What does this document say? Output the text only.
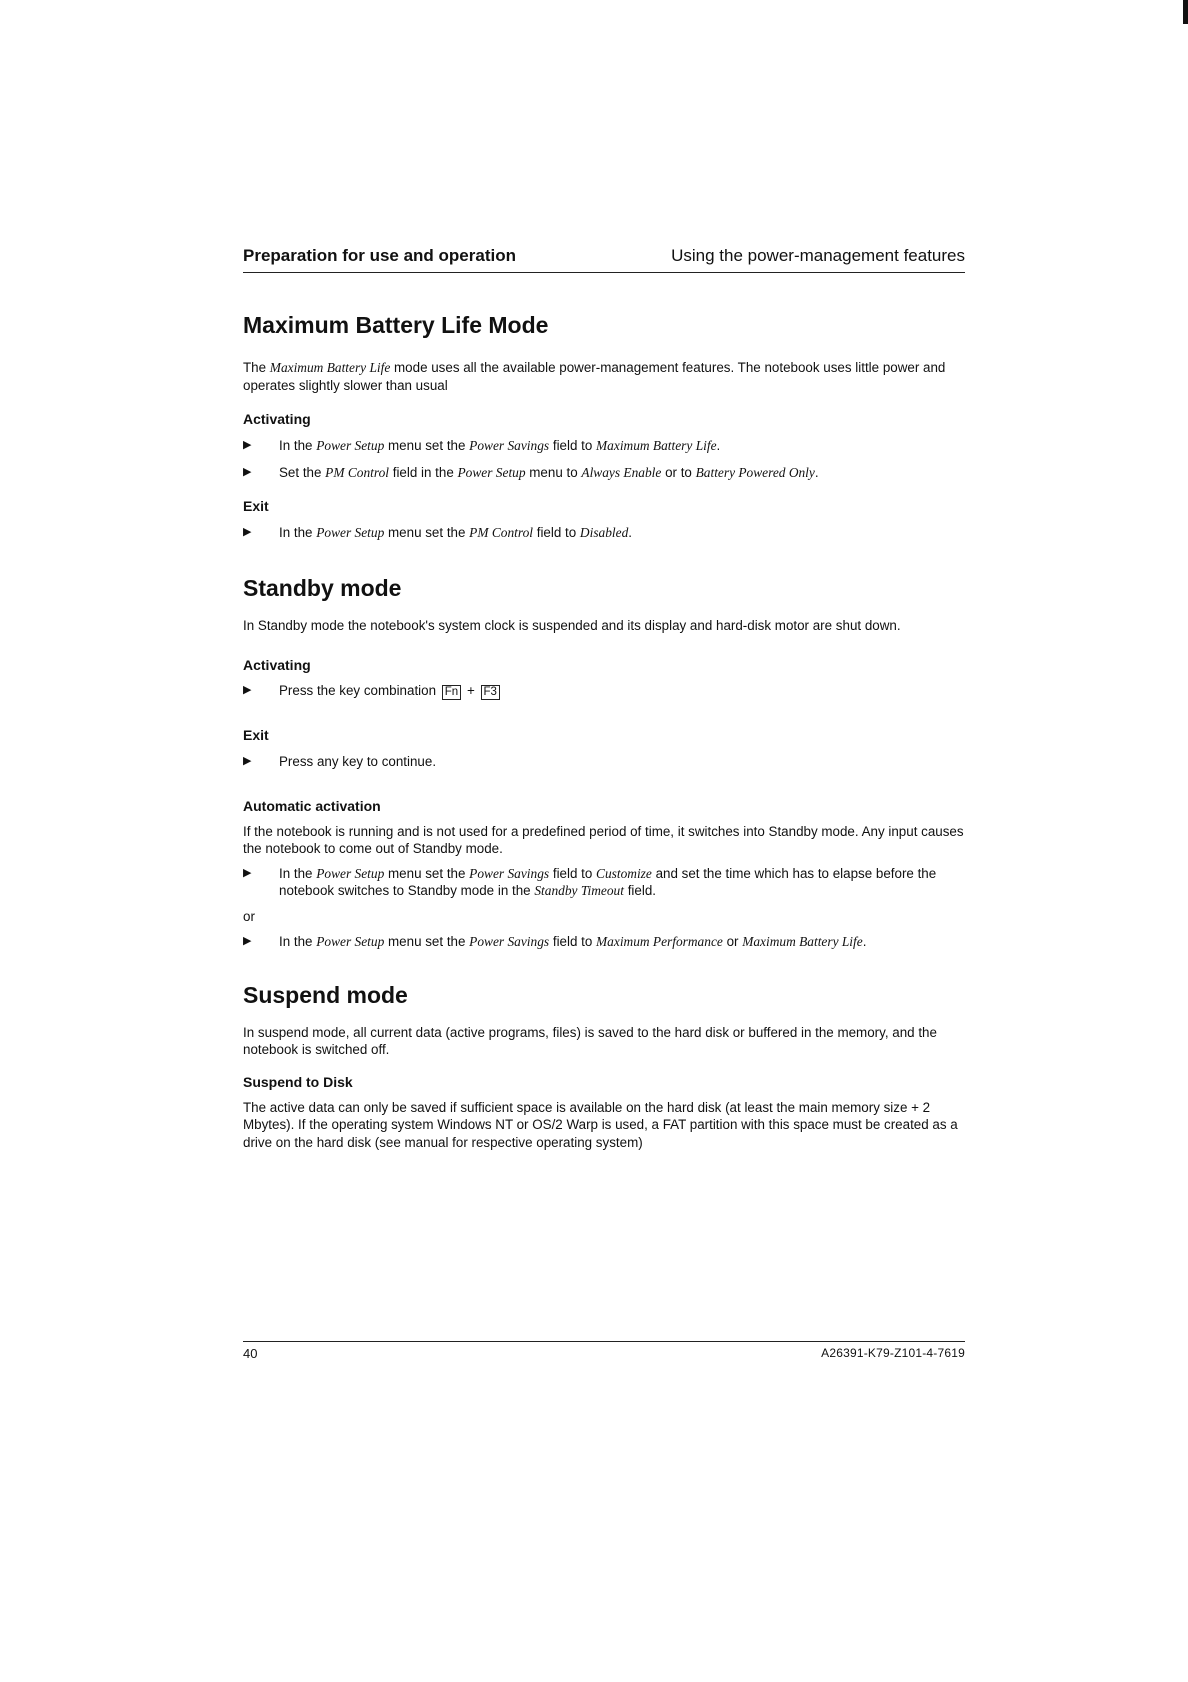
Preparation for use and operation	Using the power-management features
Maximum Battery Life Mode

The Maximum Battery Life mode uses all the available power-management features. The notebook uses little power and operates slightly slower than usual

Activating
▶	In the Power Setup menu set the Power Savings field to Maximum Battery Life.
▶	Set the PM Control field in the Power Setup menu to Always Enable or to Battery Powered Only.
Exit
▶	In the Power Setup menu set the PM Control field to Disabled.
Standby mode

In Standby mode the notebook's system clock is suspended and its display and hard-disk motor are shut down.

Activating
▶	Press the key combination Fn + F3
Exit
▶	Press any key to continue.
Automatic activation

If the notebook is running and is not used for a predefined period of time, it switches into Standby mode. Any input causes the notebook to come out of Standby mode.

▶	In the Power Setup menu set the Power Savings field to Customize and set the time which has to elapse before the notebook switches to Standby mode in the Standby Timeout field.

or

▶	In the Power Setup menu set the Power Savings field to Maximum Performance or Maximum Battery Life.
Suspend mode

In suspend mode, all current data (active programs, files) is saved to the hard disk or buffered in the memory, and the notebook is switched off.

Suspend to Disk

The active data can only be saved if sufficient space is available on the hard disk (at least the main memory size + 2 Mbytes). If the operating system Windows NT or OS/2 Warp is used, a FAT partition with this space must be created as a drive on the hard disk (see manual for respective operating system)

40	A26391-K79-Z101-4-7619
